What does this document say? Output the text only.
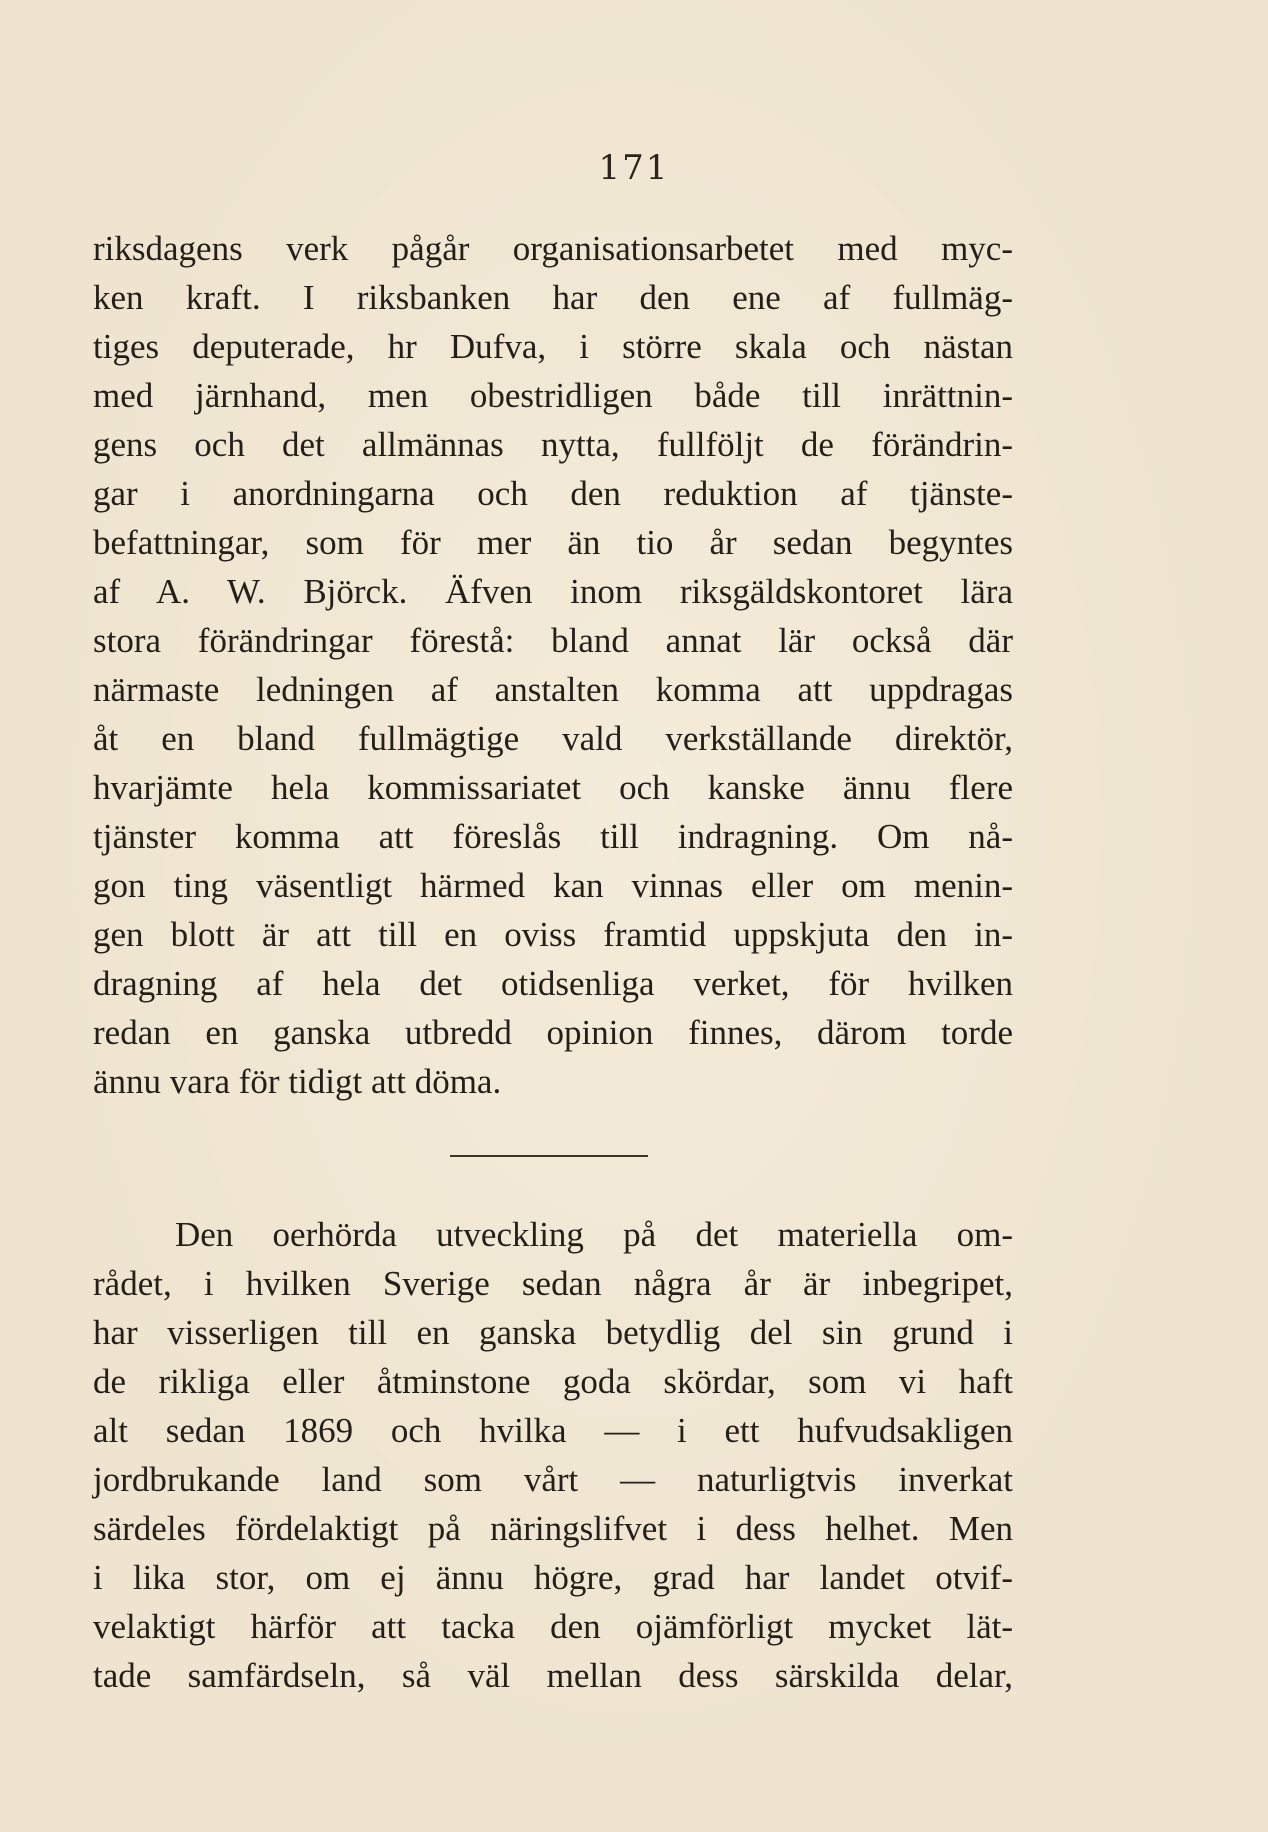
171
riksdagens verk pågår organisationsarbetet med myc-
ken kraft. I riksbanken har den ene af fullmäg-
tiges deputerade, hr Dufva, i större skala och nästan
med järnhand, men obestridligen både till inrättnin-
gens och det allmännas nytta, fullföljt de förändrin-
gar i anordningarna och den reduktion af tjänste-
befattningar, som för mer än tio år sedan begyntes
af A. W. Björck. Äfven inom riksgäldskontoret lära
stora förändringar förestå: bland annat lär också där
närmaste ledningen af anstalten komma att uppdragas
åt en bland fullmägtige vald verkställande direktör,
hvarjämte hela kommissariatet och kanske ännu flere
tjänster komma att föreslås till indragning. Om nå-
gon ting väsentligt härmed kan vinnas eller om menin-
gen blott är att till en oviss framtid uppskjuta den in-
dragning af hela det otidsenliga verket, för hvilken
redan en ganska utbredd opinion finnes, därom torde
ännu vara för tidigt att döma.
Den oerhörda utveckling på det materiella om-
rådet, i hvilken Sverige sedan några år är inbegripet,
har visserligen till en ganska betydlig del sin grund i
de rikliga eller åtminstone goda skördar, som vi haft
alt sedan 1869 och hvilka — i ett hufvudsakligen
jordbrukande land som vårt — naturligtvis inverkat
särdeles fördelaktigt på näringslifvet i dess helhet. Men
i lika stor, om ej ännu högre, grad har landet otvif-
velaktigt härför att tacka den ojämförligt mycket lät-
tade samfärdseln, så väl mellan dess särskilda delar,
